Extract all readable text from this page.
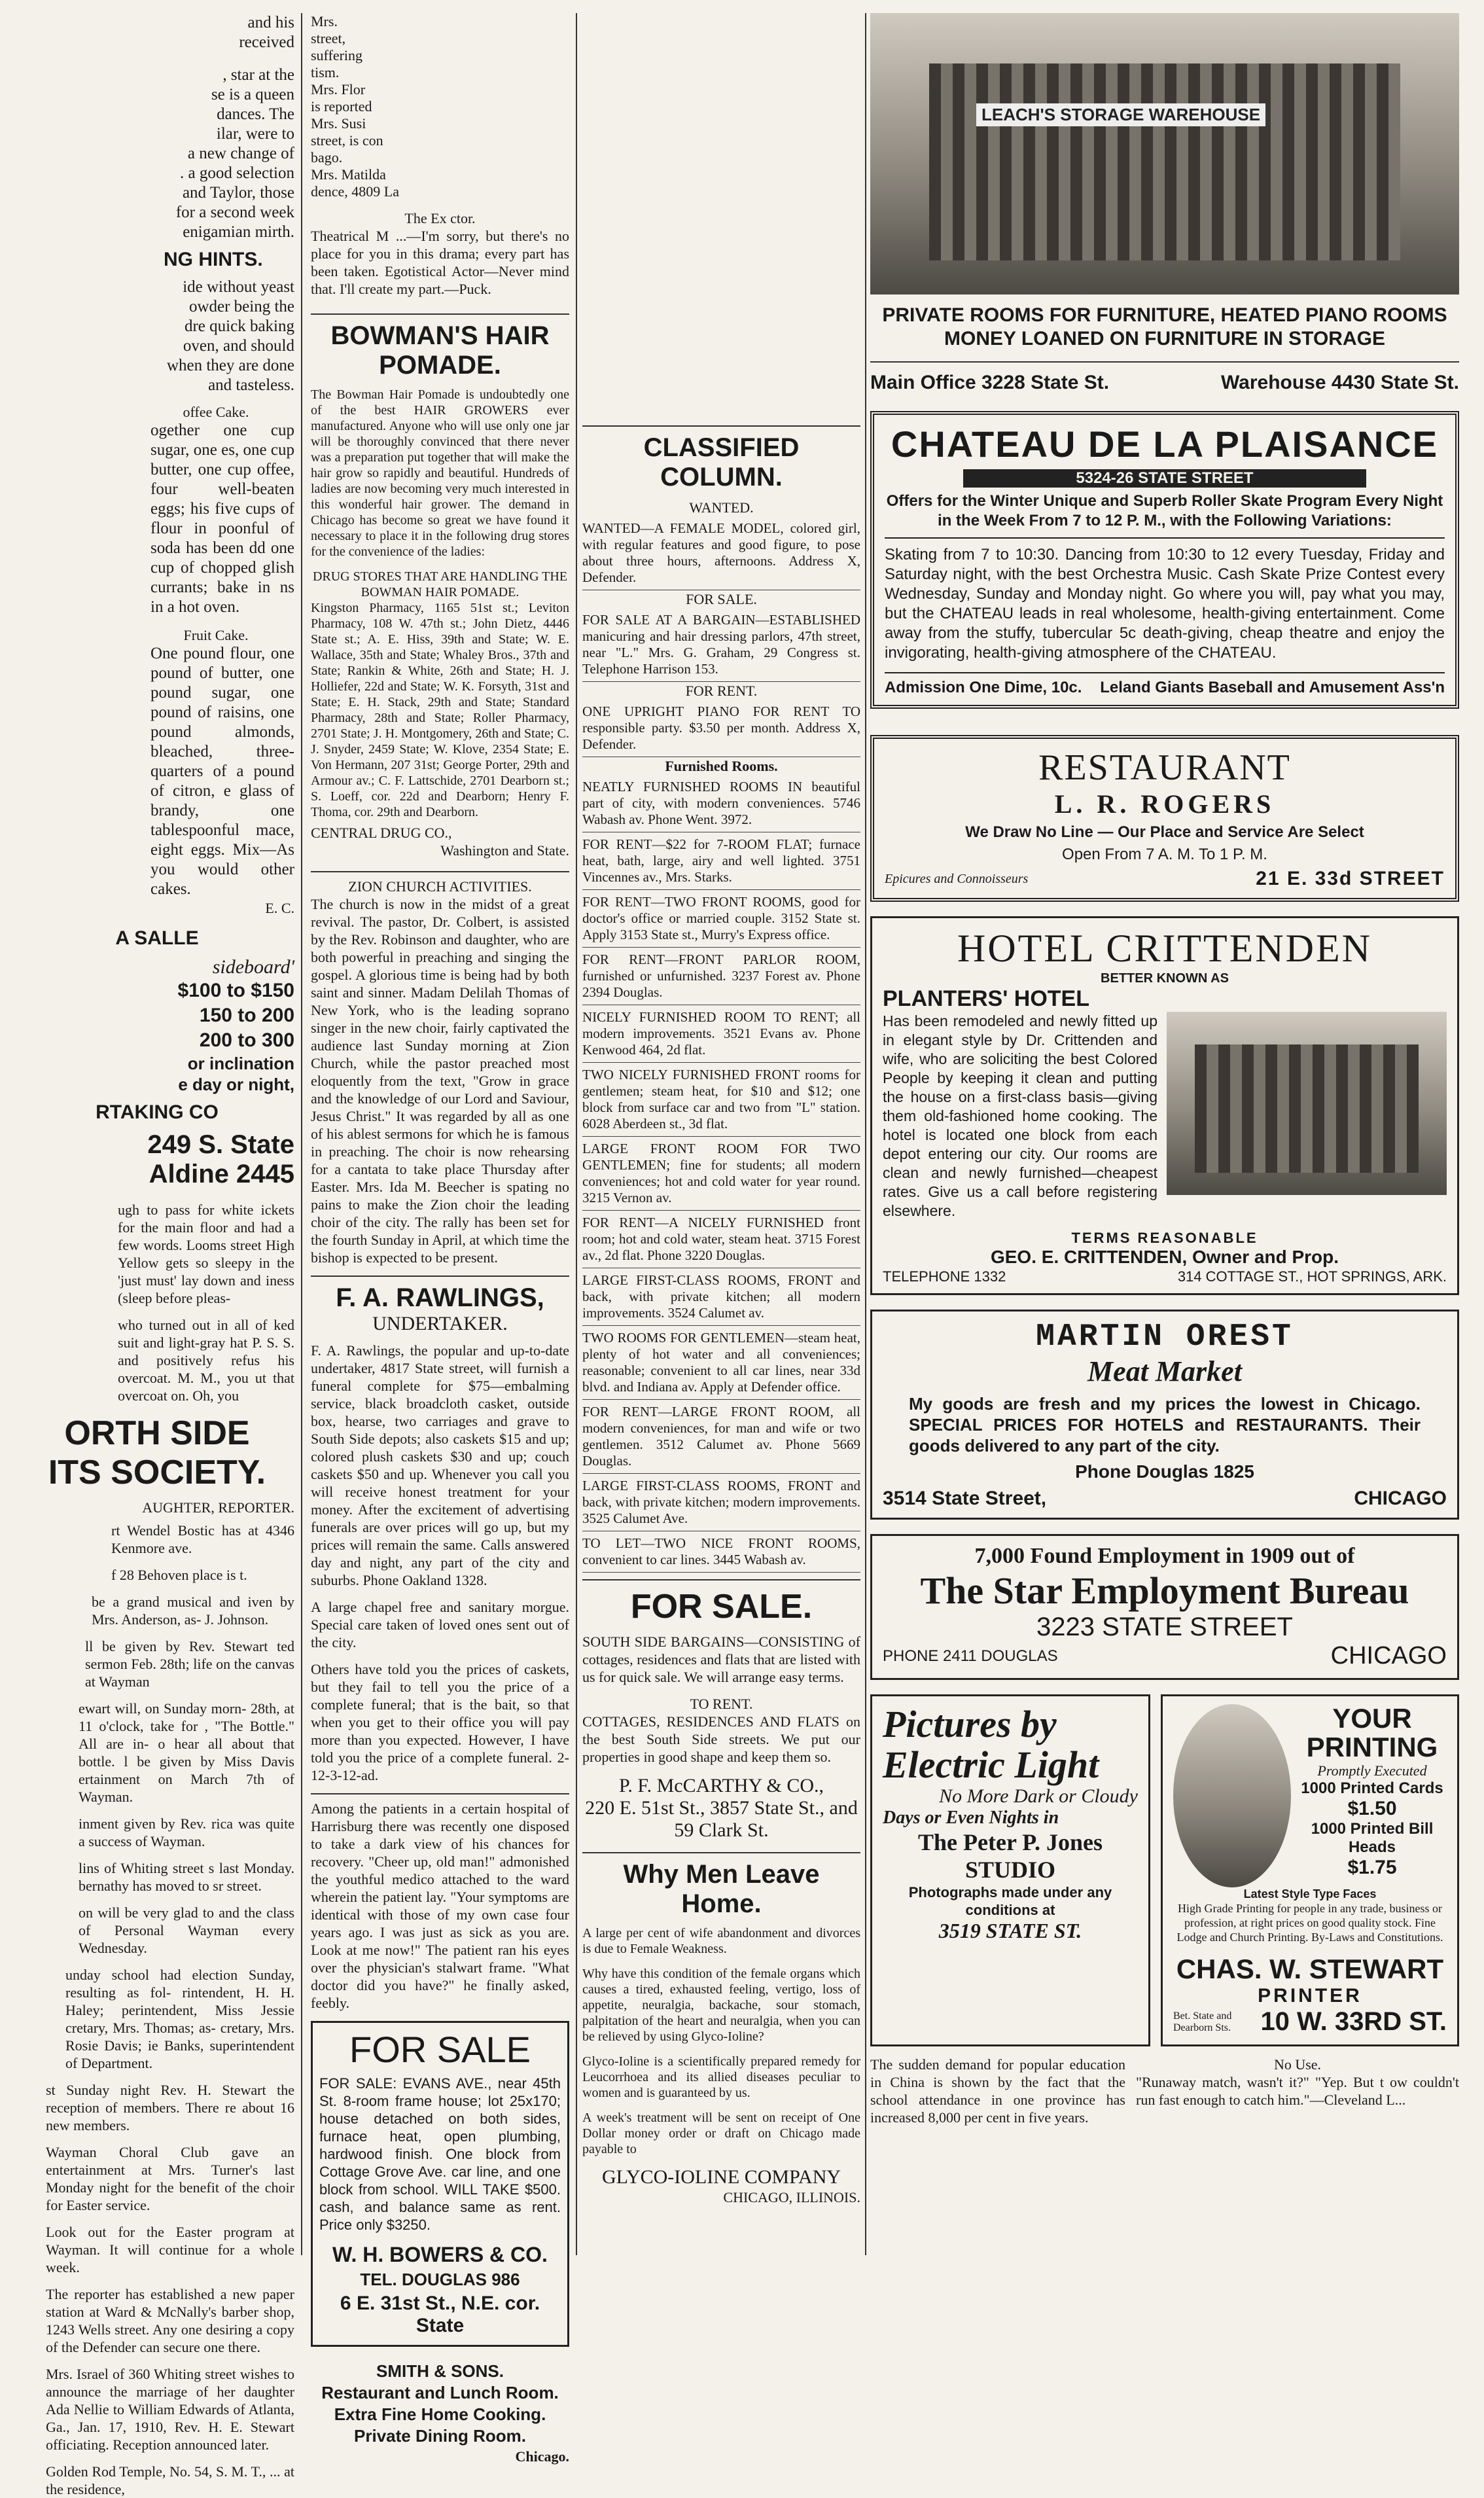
and his
received
, star at the
se is a queen
dances. The
ilar, were to
a new change of
. a good selection
and Taylor, those
for a second week
enigamian mirth.
NG HINTS.
ide without yeast
owder being the
dre quick baking
oven, and should
when they are done
and tasteless.
offee Cake.

ogether one cup sugar, one es, one cup butter, one cup offee, four well-beaten eggs; his five cups of flour in poonful of soda has been dd one cup of chopped glish currants; bake in ns in a hot oven.

Fruit Cake.

One pound flour, one pound of butter, one pound sugar, one pound of raisins, one pound almonds, bleached, three-quarters of a pound of citron, e glass of brandy, one tablespoonful mace, eight eggs. Mix—As you would other cakes.

E. C.
A SALLE
sideboard'
$100 to $150
150 to 200
200 to 300
or inclination
e day or night,
RTAKING CO
249 S. State
Aldine 2445

ugh to pass for white ickets for the main floor and had a few words. Looms street High Yellow gets so sleepy in the 'just must' lay down and iness (sleep before pleas-

who turned out in all of ked suit and light-gray hat P. S. S. and positively refus his overcoat. M. M., you ut that overcoat on. Oh, you

ORTH SIDE
ITS SOCIETY.
AUGHTER, REPORTER.

rt Wendel Bostic has at 4346 Kenmore ave.

f 28 Behoven place is t.

be a grand musical and iven by Mrs. Anderson, as- J. Johnson.

ll be given by Rev. Stewart ted sermon Feb. 28th; life on the canvas at Wayman

ewart will, on Sunday morn- 28th, at 11 o'clock, take for , "The Bottle." All are in- o hear all about that bottle. l be given by Miss Davis ertainment on March 7th of Wayman.

inment given by Rev. rica was quite a success of Wayman.

lins of Whiting street s last Monday. bernathy has moved to sr street.

on will be very glad to and the class of Personal Wayman every Wednesday.

unday school had election Sunday, resulting as fol- rintendent, H. H. Haley; perintendent, Miss Jessie cretary, Mrs. Thomas; as- cretary, Mrs. Rosie Davis; ie Banks, superintendent of Department.

st Sunday night Rev. H. Stewart the reception of members. There re about 16 new members.

Wayman Choral Club gave an entertainment at Mrs. Turner's last Monday night for the benefit of the choir for Easter service.

Look out for the Easter program at Wayman. It will continue for a whole week.

The reporter has established a new paper station at Ward & McNally's barber shop, 1243 Wells street. Any one desiring a copy of the Defender can secure one there.

Mrs. Israel of 360 Whiting street wishes to announce the marriage of her daughter Ada Nellie to William Edwards of Atlanta, Ga., Jan. 17, 1910, Rev. H. E. Stewart officiating. Reception announced later.

Golden Rod Temple, No. 54, S. M. T., ... at the residence,

Mrs.
street,
suffering
tism.
Mrs. Flor
is reported
Mrs. Susi
street, is con
bago.
Mrs. Matilda
dence, 4809 La
The Ex ctor.

Theatrical M ...—I'm sorry, but there's no place for you in this drama; every part has been taken. Egotistical Actor—Never mind that. I'll create my part.—Puck.

BOWMAN'S HAIR POMADE.

The Bowman Hair Pomade is undoubtedly one of the best HAIR GROWERS ever manufactured. Anyone who will use only one jar will be thoroughly convinced that there never was a preparation put together that will make the hair grow so rapidly and beautiful. Hundreds of ladies are now becoming very much interested in this wonderful hair grower. The demand in Chicago has become so great we have found it necessary to place it in the following drug stores for the convenience of the ladies:

DRUG STORES THAT ARE HANDLING THE BOWMAN HAIR POMADE.

Kingston Pharmacy, 1165 51st st.; Leviton Pharmacy, 108 W. 47th st.; John Dietz, 4446 State st.; A. E. Hiss, 39th and State; W. E. Wallace, 35th and State; Whaley Bros., 37th and State; Rankin & White, 26th and State; H. J. Holliefer, 22d and State; W. K. Forsyth, 31st and State; E. H. Stack, 29th and State; Standard Pharmacy, 28th and State; Roller Pharmacy, 2701 State; J. H. Montgomery, 26th and State; C. J. Snyder, 2459 State; W. Klove, 2354 State; E. Von Hermann, 207 31st; George Porter, 29th and Armour av.; C. F. Lattschide, 2701 Dearborn st.; S. Loeff, cor. 22d and Dearborn; Henry F. Thoma, cor. 29th and Dearborn.

CENTRAL DRUG CO.,
Washington and State.
ZION CHURCH ACTIVITIES.

The church is now in the midst of a great revival. The pastor, Dr. Colbert, is assisted by the Rev. Robinson and daughter, who are both powerful in preaching and singing the gospel. A glorious time is being had by both saint and sinner. Madam Delilah Thomas of New York, who is the leading soprano singer in the new choir, fairly captivated the audience last Sunday morning at Zion Church, while the pastor preached most eloquently from the text, "Grow in grace and the knowledge of our Lord and Saviour, Jesus Christ." It was regarded by all as one of his ablest sermons for which he is famous in preaching. The choir is now rehearsing for a cantata to take place Thursday after Easter. Mrs. Ida M. Beecher is spating no pains to make the Zion choir the leading choir of the city. The rally has been set for the fourth Sunday in April, at which time the bishop is expected to be present.

F. A. RAWLINGS,
UNDERTAKER.

F. A. Rawlings, the popular and up-to-date undertaker, 4817 State street, will furnish a funeral complete for $75—embalming service, black broadcloth casket, outside box, hearse, two carriages and grave to South Side depots; also caskets $15 and up; colored plush caskets $30 and up; couch caskets $50 and up. Whenever you call you will receive honest treatment for your money. After the excitement of advertising funerals are over prices will go up, but my prices will remain the same. Calls answered day and night, any part of the city and suburbs. Phone Oakland 1328.

A large chapel free and sanitary morgue. Special care taken of loved ones sent out of the city.

Others have told you the prices of caskets, but they fail to tell you the price of a complete funeral; that is the bait, so that when you get to their office you will pay more than you expected. However, I have told you the price of a complete funeral. 2-12-3-12-ad.

Among the patients in a certain hospital of Harrisburg there was recently one disposed to take a dark view of his chances for recovery. "Cheer up, old man!" admonished the youthful medico attached to the ward wherein the patient lay. "Your symptoms are identical with those of my own case four years ago. I was just as sick as you are. Look at me now!" The patient ran his eyes over the physician's stalwart frame. "What doctor did you have?" he finally asked, feebly.

FOR SALE

FOR SALE: EVANS AVE., near 45th St. 8-room frame house; lot 25x170; house detached on both sides, furnace heat, open plumbing, hardwood finish. One block from Cottage Grove Ave. car line, and one block from school. WILL TAKE $500. cash, and balance same as rent. Price only $3250.

W. H. BOWERS & CO.
TEL. DOUGLAS 986
6 E. 31st St., N.E. cor. State
SMITH & SONS.
Restaurant and Lunch Room.
Extra Fine Home Cooking.
Private Dining Room.
Chicago.
CLASSIFIED COLUMN.
WANTED.

WANTED—A FEMALE MODEL, colored girl, with regular features and good figure, to pose about three hours, afternoons. Address X, Defender.

FOR SALE.

FOR SALE AT A BARGAIN—ESTABLISHED manicuring and hair dressing parlors, 47th street, near "L." Mrs. G. Graham, 29 Congress st. Telephone Harrison 153.

FOR RENT.

ONE UPRIGHT PIANO FOR RENT TO responsible party. $3.50 per month. Address X, Defender.

Furnished Rooms.

NEATLY FURNISHED ROOMS IN beautiful part of city, with modern conveniences. 5746 Wabash av. Phone Went. 3972.

FOR RENT—$22 for 7-ROOM FLAT; furnace heat, bath, large, airy and well lighted. 3751 Vincennes av., Mrs. Starks.

FOR RENT—TWO FRONT ROOMS, good for doctor's office or married couple. 3152 State st. Apply 3153 State st., Murry's Express office.

FOR RENT—FRONT PARLOR ROOM, furnished or unfurnished. 3237 Forest av. Phone 2394 Douglas.

NICELY FURNISHED ROOM TO RENT; all modern improvements. 3521 Evans av. Phone Kenwood 464, 2d flat.

TWO NICELY FURNISHED FRONT rooms for gentlemen; steam heat, for $10 and $12; one block from surface car and two from "L" station. 6028 Aberdeen st., 3d flat.

LARGE FRONT ROOM FOR TWO GENTLEMEN; fine for students; all modern conveniences; hot and cold water for year round. 3215 Vernon av.

FOR RENT—A NICELY FURNISHED front room; hot and cold water, steam heat. 3715 Forest av., 2d flat. Phone 3220 Douglas.

LARGE FIRST-CLASS ROOMS, FRONT and back, with private kitchen; all modern improvements. 3524 Calumet av.

TWO ROOMS FOR GENTLEMEN—steam heat, plenty of hot water and all conveniences; reasonable; convenient to all car lines, near 33d blvd. and Indiana av. Apply at Defender office.

FOR RENT—LARGE FRONT ROOM, all modern conveniences, for man and wife or two gentlemen. 3512 Calumet av. Phone 5669 Douglas.

LARGE FIRST-CLASS ROOMS, FRONT and back, with private kitchen; modern improvements. 3525 Calumet Ave.

TO LET—TWO NICE FRONT ROOMS, convenient to car lines. 3445 Wabash av.

FOR SALE.

SOUTH SIDE BARGAINS—CONSISTING of cottages, residences and flats that are listed with us for quick sale. We will arrange easy terms.

TO RENT.

COTTAGES, RESIDENCES AND FLATS on the best South Side streets. We put our properties in good shape and keep them so.

P. F. McCARTHY & CO.,
220 E. 51st St., 3857 State St., and 59 Clark St.
Why Men Leave Home.

A large per cent of wife abandonment and divorces is due to Female Weakness.

Why have this condition of the female organs which causes a tired, exhausted feeling, vertigo, loss of appetite, neuralgia, backache, sour stomach, palpitation of the heart and neuralgia, when you can be relieved by using Glyco-Ioline?

Glyco-Ioline is a scientifically prepared remedy for Leucorrhoea and its allied diseases peculiar to women and is guaranteed by us.

A week's treatment will be sent on receipt of One Dollar money order or draft on Chicago made payable to

GLYCO-IOLINE COMPANY
CHICAGO, ILLINOIS.
LEACH'S STORAGE WAREHOUSE
PRIVATE ROOMS FOR FURNITURE, HEATED PIANO ROOMS MONEY LOANED ON FURNITURE IN STORAGE
Main Office 3228 State St.	Warehouse 4430 State St.
CHATEAU DE LA PLAISANCE
5324-26 STATE STREET
Offers for the Winter Unique and Superb Roller Skate Program Every Night in the Week From 7 to 12 P. M., with the Following Variations:

Skating from 7 to 10:30. Dancing from 10:30 to 12 every Tuesday, Friday and Saturday night, with the best Orchestra Music. Cash Skate Prize Contest every Wednesday, Sunday and Monday night. Go where you will, pay what you may, but the CHATEAU leads in real wholesome, health-giving entertainment. Come away from the stuffy, tubercular 5c death-giving, cheap theatre and enjoy the invigorating, health-giving atmosphere of the CHATEAU.

Admission One Dime, 10c. Leland Giants Baseball and Amusement Ass'n
RESTAURANT
L. R. ROGERS
We Draw No Line — Our Place and Service Are Select
Open From 7 A. M. To 1 P. M.
Epicures and Connoisseurs	21 E. 33d STREET
HOTEL CRITTENDEN
BETTER KNOWN AS
PLANTERS' HOTEL

Has been remodeled and newly fitted up in elegant style by Dr. Crittenden and wife, who are soliciting the best Colored People by keeping it clean and putting the house on a first-class basis—giving them old-fashioned home cooking. The hotel is located one block from each depot entering our city. Our rooms are clean and newly furnished—cheapest rates. Give us a call before registering elsewhere.

TERMS REASONABLE
GEO. E. CRITTENDEN, Owner and Prop.
TELEPHONE 1332	314 COTTAGE ST., HOT SPRINGS, ARK.
MARTIN OREST
Meat Market

My goods are fresh and my prices the lowest in Chicago. SPECIAL PRICES FOR HOTELS and RESTAURANTS. Their goods delivered to any part of the city.

Phone Douglas 1825
3514 State Street,	CHICAGO
7,000 Found Employment in 1909 out of
The Star Employment Bureau
3223 STATE STREET
PHONE 2411 DOUGLAS	CHICAGO
Pictures by Electric Light
No More Dark or Cloudy
Days or Even Nights in
The Peter P. Jones
STUDIO
Photographs made under any conditions at
3519 STATE ST.
YOUR
PRINTING
Promptly Executed
1000 Printed Cards
$1.50
1000 Printed Bill Heads
$1.75
Latest Style Type Faces

High Grade Printing for people in any trade, business or profession, at right prices on good quality stock. Fine Lodge and Church Printing. By-Laws and Constitutions.

CHAS. W. STEWART
PRINTER
Bet. State and Dearborn Sts.	10 W. 33RD ST.

The sudden demand for popular education in China is shown by the fact that the school attendance in one province has increased 8,000 per cent in five years.

No Use.

"Runaway match, wasn't it?" "Yep. But t ow couldn't run fast enough to catch him."—Cleveland L...
